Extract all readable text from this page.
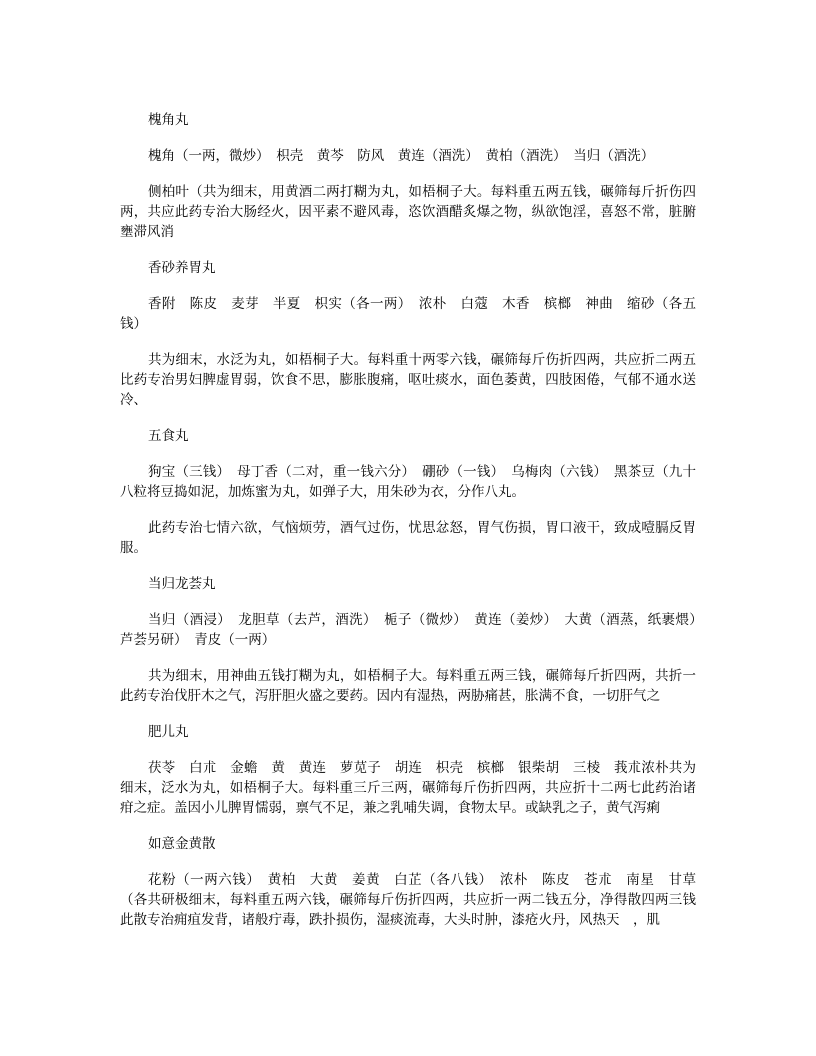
槐角丸

槐角（一两，微炒）　枳壳　黄芩　防风　黄连（酒洗）　黄柏（酒洗）　当归（酒洗）

侧柏叶（共为细末，用黄酒二两打糊为丸，如梧桐子大。每料重五两五钱，碾筛每斤折伤四两，共应此药专治大肠经火，因平素不避风毒，恣饮酒醋炙爆之物，纵欲饱淫，喜怒不常，脏腑壅滞风消

香砂养胃丸

香附　陈皮　麦芽　半夏　枳实（各一两）　浓朴　白蔻　木香　槟榔　神曲　缩砂（各五钱）

共为细末，水泛为丸，如梧桐子大。每料重十两零六钱，碾筛每斤伤折四两，共应折二两五比药专治男妇脾虚胃弱，饮食不思，膨胀腹痛，呕吐痰水，面色萎黄，四肢困倦，气郁不通水送冷、

五食丸

狗宝（三钱）　母丁香（二对，重一钱六分）　硼砂（一钱）　乌梅肉（六钱）　黑茶豆（九十八粒将豆捣如泥，加炼蜜为丸，如弹子大，用朱砂为衣，分作八丸。

此药专治七情六欲，气恼烦劳，酒气过伤，忧思忿怒，胃气伤损，胃口液干，致成噎膈反胃服。

当归龙荟丸

当归（酒浸）　龙胆草（去芦，酒洗）　栀子（微炒）　黄连（姜炒）　大黄（酒蒸，纸裹煨）　芦荟另研）　青皮（一两）

共为细末，用神曲五钱打糊为丸，如梧桐子大。每料重五两三钱，碾筛每斤折四两，共折一此药专治伐肝木之气，泻肝胆火盛之要药。因内有湿热，两胁痛甚，胀满不食，一切肝气之

肥儿丸

茯苓　白朮　金蟾　黄　黄连　萝苋子　胡连　枳壳　槟榔　银柴胡　三棱　莪朮浓朴共为细末，泛水为丸，如梧桐子大。每料重三斤三两，碾筛每斤伤折四两，共应折十二两七此药治诸疳之症。盖因小儿脾胃懦弱，禀气不足，兼之乳哺失调，食物太早。或缺乳之子，黄气泻痢

如意金黄散

花粉（一两六钱）　黄柏　大黄　姜黄　白芷（各八钱）　浓朴　陈皮　苍朮　南星　甘草（各共研极细末，每料重五两六钱，碾筛每斤伤折四两，共应折一两二钱五分，净得散四两三钱此散专治痈疽发背，诸般疔毒，跌扑损伤，湿痰流毒，大头时肿，漆疮火丹，风热天　，肌
